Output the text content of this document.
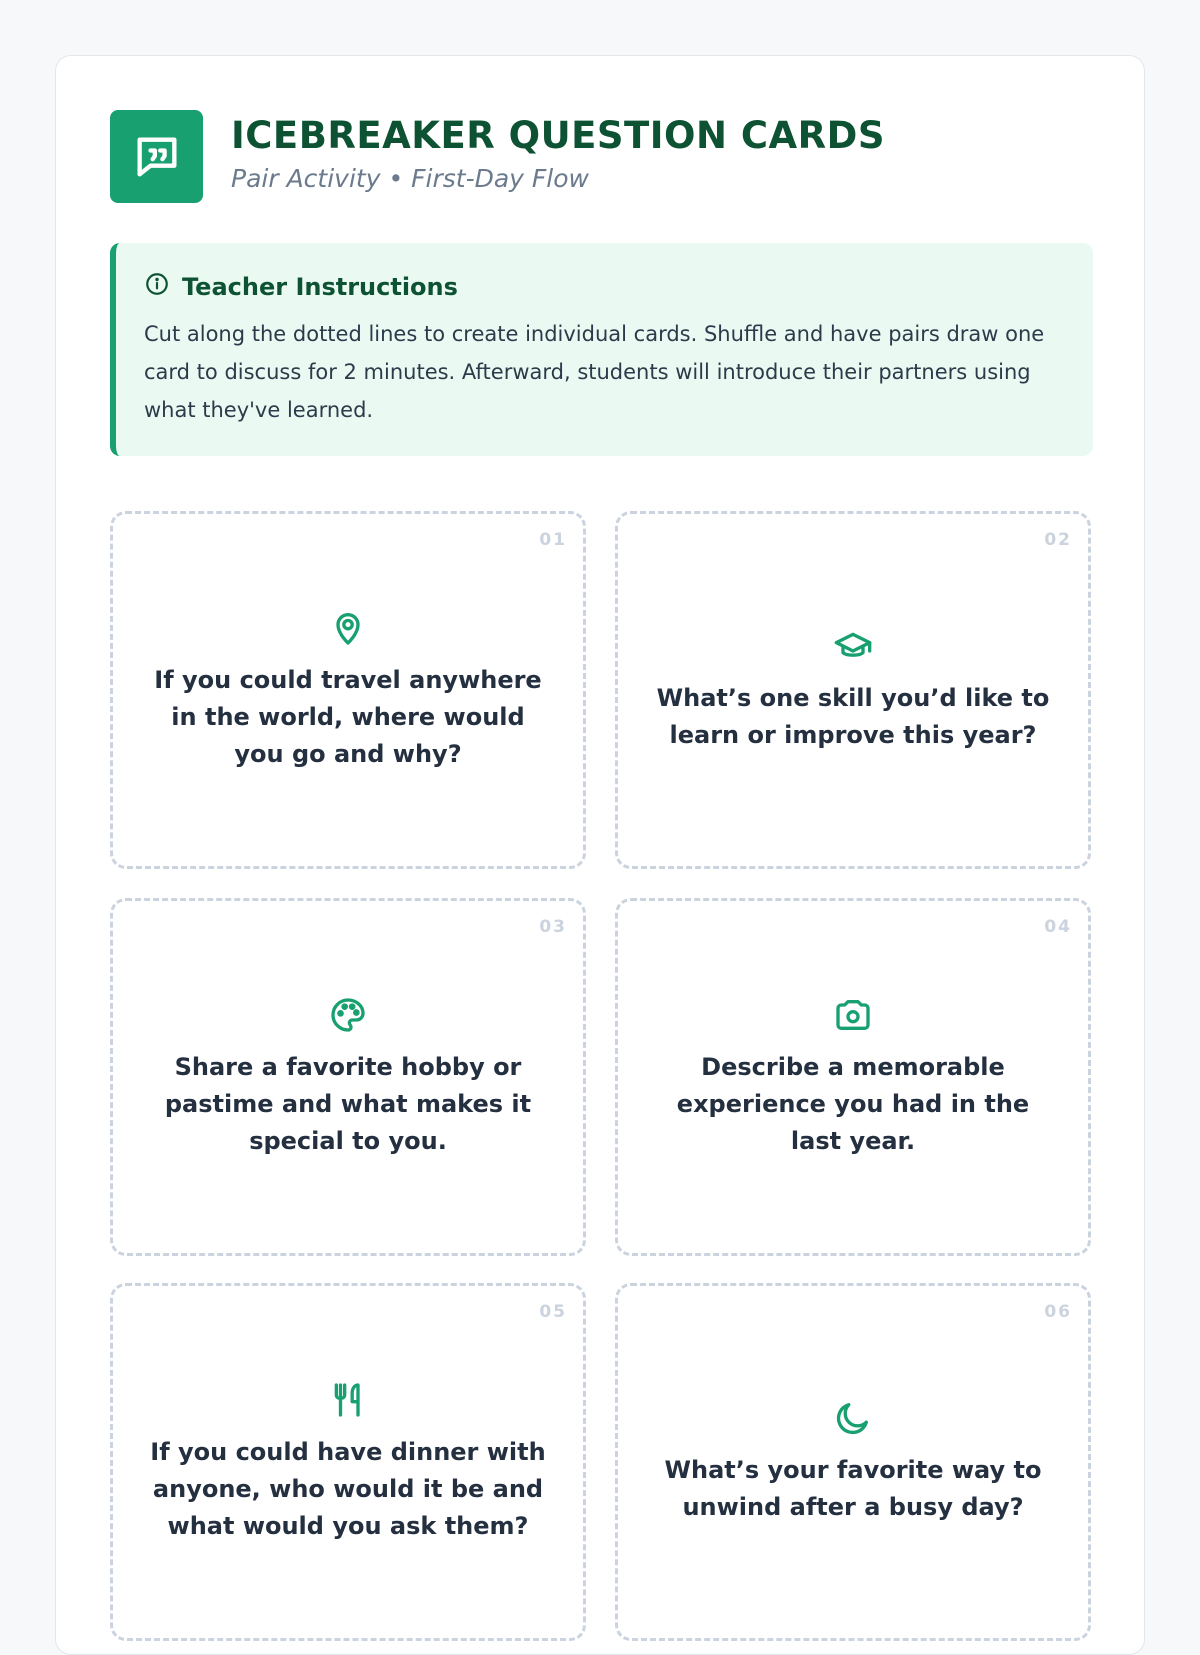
ICEBREAKER QUESTION CARDS
Pair Activity • First-Day Flow
Teacher Instructions
Cut along the dotted lines to create individual cards. Shuffle and have pairs draw one card to discuss for 2 minutes. Afterward, students will introduce their partners using what they've learned.
01
If you could travel anywhere in the world, where would you go and why?
02
What’s one skill you’d like to learn or improve this year?
03
Share a favorite hobby or pastime and what makes it special to you.
04
Describe a memorable experience you had in the last year.
05
If you could have dinner with anyone, who would it be and what would you ask them?
06
What’s your favorite way to unwind after a busy day?
